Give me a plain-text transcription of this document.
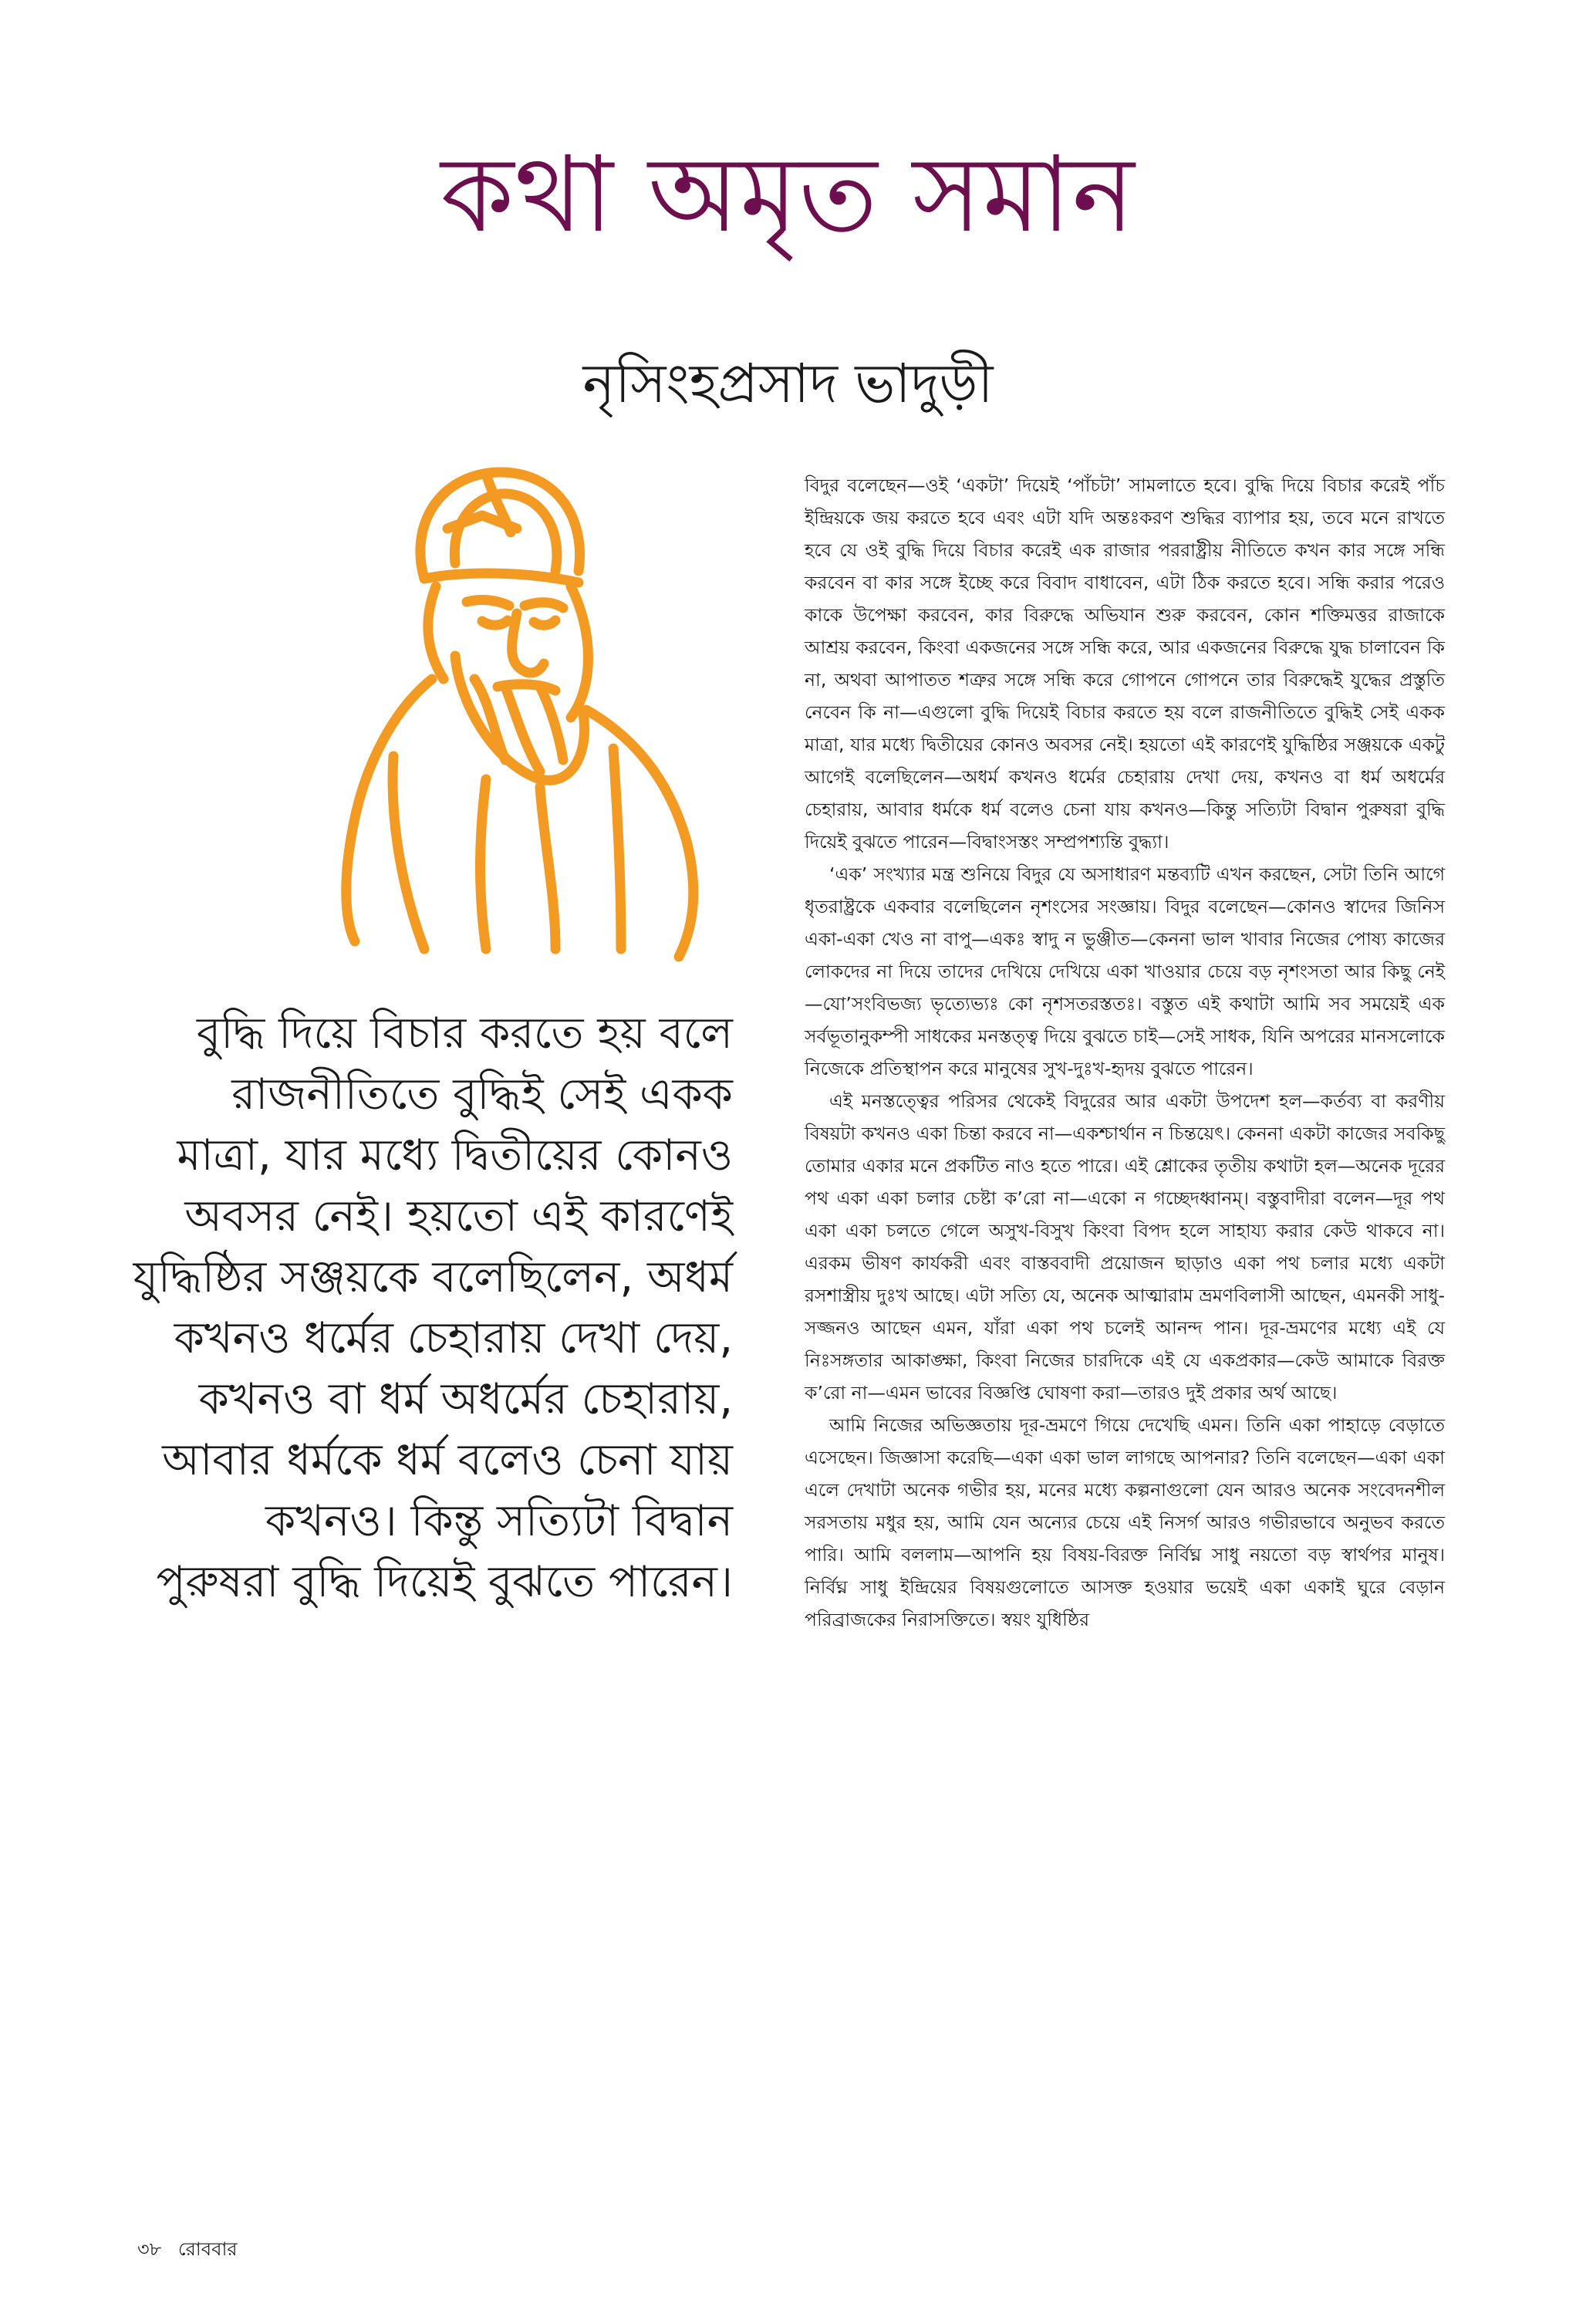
কথা অমৃত সমান
নৃসিংহপ্রসাদ ভাদুড়ী

বুদ্ধি দিয়ে বিচার করতে হয় বলে রাজনীতিতে বুদ্ধিই সেই একক মাত্রা, যার মধ্যে দ্বিতীয়ের কোনও অবসর নেই। হয়তো এই কারণেই যুদ্ধিষ্ঠির সঞ্জয়কে বলেছিলেন, অধর্ম কখনও ধর্মের চেহারায় দেখা দেয়, কখনও বা ধর্ম অধর্মের চেহারায়, আবার ধর্মকে ধর্ম বলেও চেনা যায় কখনও। কিন্তু সত্যিটা বিদ্বান পুরুষরা বুদ্ধি দিয়েই বুঝতে পারেন।

বিদুর বলেছেন—ওই ‘একটা’ দিয়েই ‘পাঁচটা’ সামলাতে হবে। বুদ্ধি দিয়ে বিচার করেই পাঁচ ইন্দ্রিয়কে জয় করতে হবে এবং এটা যদি অন্তঃকরণ শুদ্ধির ব্যাপার হয়, তবে মনে রাখতে হবে যে ওই বুদ্ধি দিয়ে বিচার করেই এক রাজার পররাষ্ট্রীয় নীতিতে কখন কার সঙ্গে সন্ধি করবেন বা কার সঙ্গে ইচ্ছে করে বিবাদ বাধাবেন, এটা ঠিক করতে হবে। সন্ধি করার পরেও কাকে উপেক্ষা করবেন, কার বিরুদ্ধে অভিযান শুরু করবেন, কোন শক্তিমত্তর রাজাকে আশ্রয় করবেন, কিংবা একজনের সঙ্গে সন্ধি করে, আর একজনের বিরুদ্ধে যুদ্ধ চালাবেন কি না, অথবা আপাতত শত্রুর সঙ্গে সন্ধি করে গোপনে গোপনে তার বিরুদ্ধেই যুদ্ধের প্রস্তুতি নেবেন কি না—এগুলো বুদ্ধি দিয়েই বিচার করতে হয় বলে রাজনীতিতে বুদ্ধিই সেই একক মাত্রা, যার মধ্যে দ্বিতীয়ের কোনও অবসর নেই। হয়তো এই কারণেই যুদ্ধিষ্ঠির সঞ্জয়কে একটু আগেই বলেছিলেন—অধর্ম কখনও ধর্মের চেহারায় দেখা দেয়, কখনও বা ধর্ম অধর্মের চেহারায়, আবার ধর্মকে ধর্ম বলেও চেনা যায় কখনও—কিন্তু সত্যিটা বিদ্বান পুরুষরা বুদ্ধি দিয়েই বুঝতে পারেন—বিদ্বাংসস্তং সম্প্রপশ্যন্তি বুদ্ধ্যা।

‘এক’ সংখ্যার মন্ত্র শুনিয়ে বিদুর যে অসাধারণ মন্তব্যটি এখন করছেন, সেটা তিনি আগে ধৃতরাষ্ট্রকে একবার বলেছিলেন নৃশংসের সংজ্ঞায়। বিদুর বলেছেন—কোনও স্বাদের জিনিস একা-একা খেও না বাপু—একঃ স্বাদু ন ভুঞ্জীত—কেননা ভাল খাবার নিজের পোষ্য কাজের লোকদের না দিয়ে তাদের দেখিয়ে দেখিয়ে একা খাওয়ার চেয়ে বড় নৃশংসতা আর কিছু নেই—যো’সংবিভজ্য ভৃত্যেভ্যঃ কো নৃশসতরস্ততঃ। বস্তুত এই কথাটা আমি সব সময়েই এক সর্বভূতানুকম্পী সাধকের মনস্তত্ত্ব দিয়ে বুঝতে চাই—সেই সাধক, যিনি অপরের মানসলোকে নিজেকে প্রতিস্থাপন করে মানুষের সুখ-দুঃখ-হৃদয় বুঝতে পারেন।

এই মনস্তত্ত্বের পরিসর থেকেই বিদুরের আর একটা উপদেশ হল—কর্তব্য বা করণীয় বিষয়টা কখনও একা চিন্তা করবে না—একশ্চার্থান ন চিন্তয়েৎ। কেননা একটা কাজের সবকিছু তোমার একার মনে প্রকটিত নাও হতে পারে। এই শ্লোকের তৃতীয় কথাটা হল—অনেক দূরের পথ একা একা চলার চেষ্টা ক’রো না—একো ন গচ্ছেদধ্বানম্। বস্তুবাদীরা বলেন—দূর পথ একা একা চলতে গেলে অসুখ-বিসুখ কিংবা বিপদ হলে সাহায্য করার কেউ থাকবে না। এরকম ভীষণ কার্যকরী এবং বাস্তববাদী প্রয়োজন ছাড়াও একা পথ চলার মধ্যে একটা রসশাস্ত্রীয় দুঃখ আছে। এটা সত্যি যে, অনেক আত্মারাম ভ্রমণবিলাসী আছেন, এমনকী সাধু-সজ্জনও আছেন এমন, যাঁরা একা পথ চলেই আনন্দ পান। দূর-ভ্রমণের মধ্যে এই যে নিঃসঙ্গতার আকাঙ্ক্ষা, কিংবা নিজের চারদিকে এই যে একপ্রকার—কেউ আমাকে বিরক্ত ক’রো না—এমন ভাবের বিজ্ঞপ্তি ঘোষণা করা—তারও দুই প্রকার অর্থ আছে।

আমি নিজের অভিজ্ঞতায় দূর-ভ্রমণে গিয়ে দেখেছি এমন। তিনি একা পাহাড়ে বেড়াতে এসেছেন। জিজ্ঞাসা করেছি—একা একা ভাল লাগছে আপনার? তিনি বলেছেন—একা একা এলে দেখাটা অনেক গভীর হয়, মনের মধ্যে কল্পনাগুলো যেন আরও অনেক সংবেদনশীল সরসতায় মধুর হয়, আমি যেন অন্যের চেয়ে এই নিসর্গ আরও গভীরভাবে অনুভব করতে পারি। আমি বললাম—আপনি হয় বিষয়-বিরক্ত নির্বিঘ্ন সাধু নয়তো বড় স্বার্থপর মানুষ। নির্বিঘ্ন সাধু ইন্দ্রিয়ের বিষয়গুলোতে আসক্ত হওয়ার ভয়েই একা একাই ঘুরে বেড়ান পরিব্রাজকের নিরাসক্তিতে। স্বয়ং যুধিষ্ঠির

৩৮ রোববার
